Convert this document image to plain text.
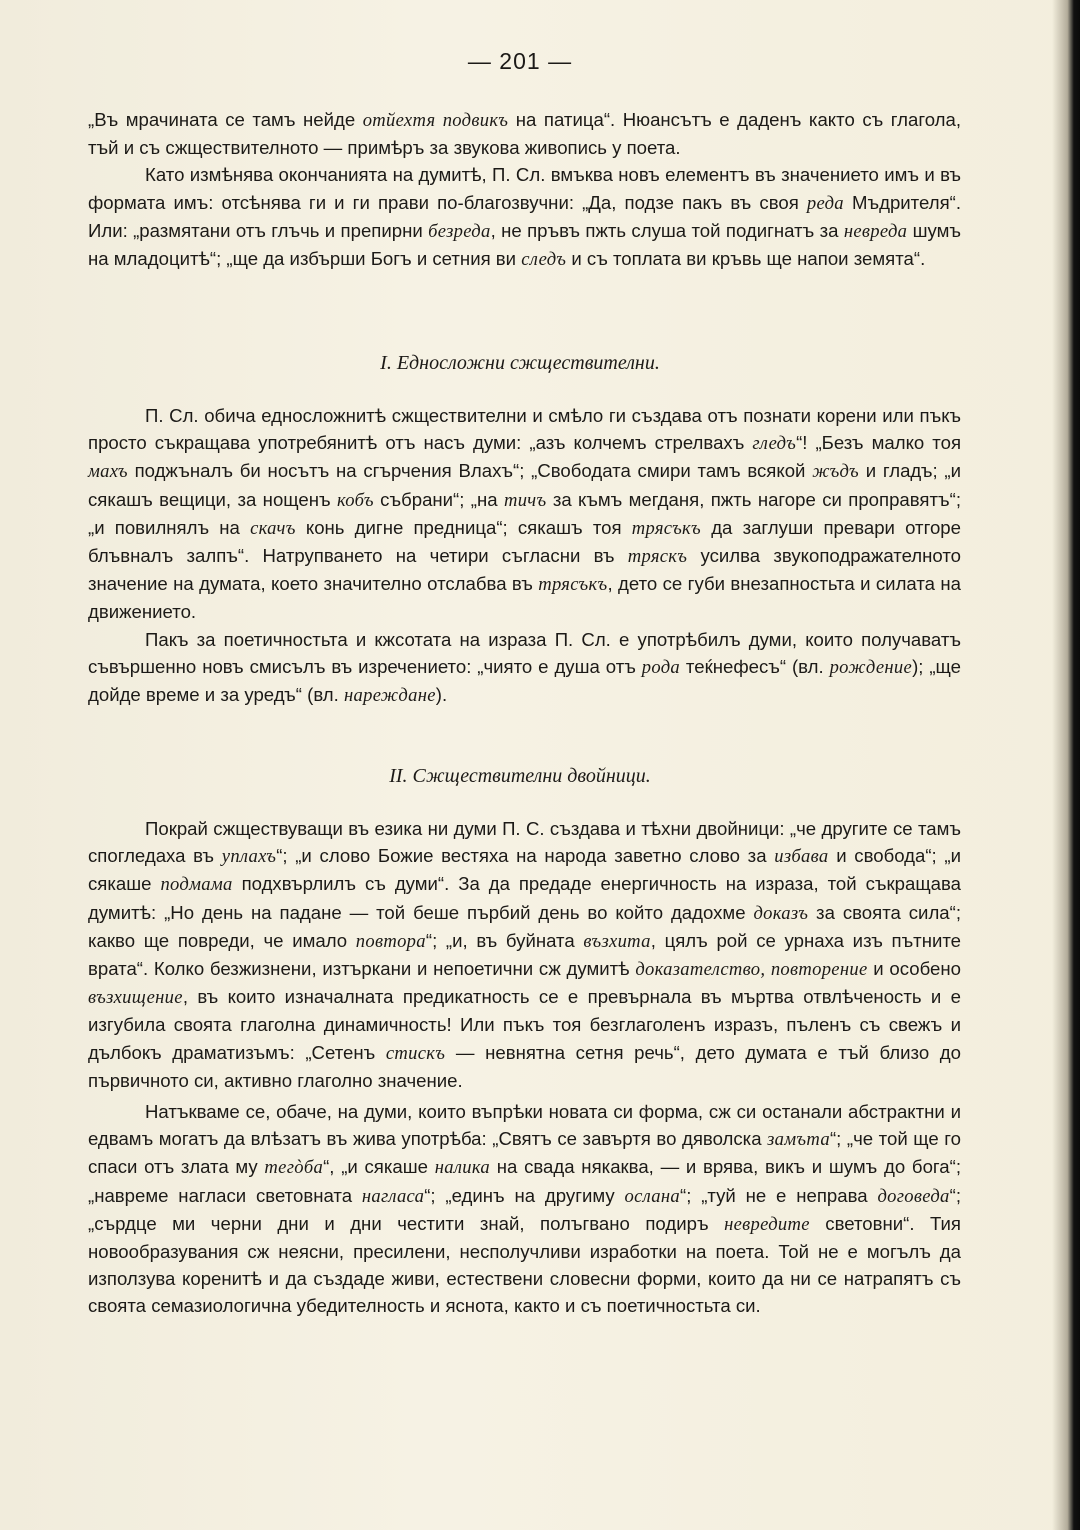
— 201 —

„Въ мрачината се тамъ нейде отйехтя подвикъ на патица“. Нюансътъ е даденъ както съ глагола, тъй и съ сжществителното — примѣръ за звукова живопись у поета.

Като измѣнява окончанията на думитѣ, П. Сл. вмъква новъ елементъ въ значението имъ и въ формата имъ: отсѣнява ги и ги прави по-благозвучни: „Да, подзе пакъ въ своя реда Мъдрителя“. Или: „размятани отъ глъчь и препирни безреда, не пръвъ пжть слуша той подигнатъ за невреда шумъ на младоцитѣ“; „ще да избърши Богъ и сетния ви следъ и съ топлата ви кръвь ще напои земята“.

I. Едносложни сжществителни.

П. Сл. обича едносложнитѣ сжществителни и смѣло ги създава отъ познати корени или пъкъ просто съкращава употребянитѣ отъ насъ думи: „азъ колчемъ стрелвахъ гледъ“! „Безъ малко тоя махъ поджъналъ би носътъ на сгърчения Влахъ“; „Свободата смири тамъ всякой жъдъ и гладъ; „и сякашъ вещици, за нощенъ кобъ събрани“; „на тичъ за къмъ мегданя, пжть нагоре си проправятъ“; „и повилнялъ на скачъ конь дигне предница“; сякашъ тоя трясъкъ да заглуши превари отгоре блъвналъ залпъ“. Натрупването на четири съгласни въ тряскъ усилва звукоподражателното значение на думата, което значително отслабва въ трясъкъ, дето се губи внезапностьта и силата на движението.

Пакъ за поетичностьта и кжсотата на израза П. Сл. е употрѣбилъ думи, които получаватъ съвършенно новъ смисълъ въ изречението: „чиято е душа отъ рода теќнефесъ“ (вл. рождение); „ще дойде време и за уредъ“ (вл. нареждане).

II. Сжществителни двойници.

Покрай сжществуващи въ езика ни думи П. С. създава и тѣхни двойници: „че другите се тамъ спогледаха въ уплахъ“; „и слово Божие вестяха на народа заветно слово за избава и свобода“; „и сякаше подмама подхвърлилъ съ думи“. За да предаде енергичность на израза, той съкращава думитѣ: „Но день на падане — той беше пърбий день во който дадохме доказъ за своята сила“; какво ще повреди, че имало повтора“; „и, въ буйната възхита, цялъ рой се урнаха изъ пътните врата“. Колко безжизнени, изтъркани и непоетични сж думитѣ доказателство, повторение и особено възхищение, въ които изначалната предикатность се е превърнала въ мъртва отвлѣченость и е изгубила своята глаголна динамичность! Или пъкъ тоя безглаголенъ изразъ, пъленъ съ свежъ и дълбокъ драматизъмъ: „Сетенъ стискъ — невнятна сетня речь“, дето думата е тъй близо до първичното си, активно глаголно значение.

Натъкваме се, обаче, на думи, които въпрѣки новата си форма, сж си останали абстрактни и едвамъ могатъ да влѣзатъ въ жива употрѣба: „Святъ се завъртя во дяволска замъта“; „че той ще го спаси отъ злата му тегòба“, „и сякаше налика на свада някаква, — и врява, викъ и шумъ до бога“; „навреме нагласи световната нагласа“; „единъ на другиму ослана“; „туй не е неправа договеда“; „сърдце ми черни дни и дни честити знай, полъгвано подиръ невредите световни“. Тия новообразувания сж неясни, пресилени, несполучливи изработки на поета. Той не е могълъ да използува коренитѣ и да създаде живи, естествени словесни форми, които да ни се натрапятъ съ своята семазиологична убедителность и яснота, както и съ поетичностьта си.
